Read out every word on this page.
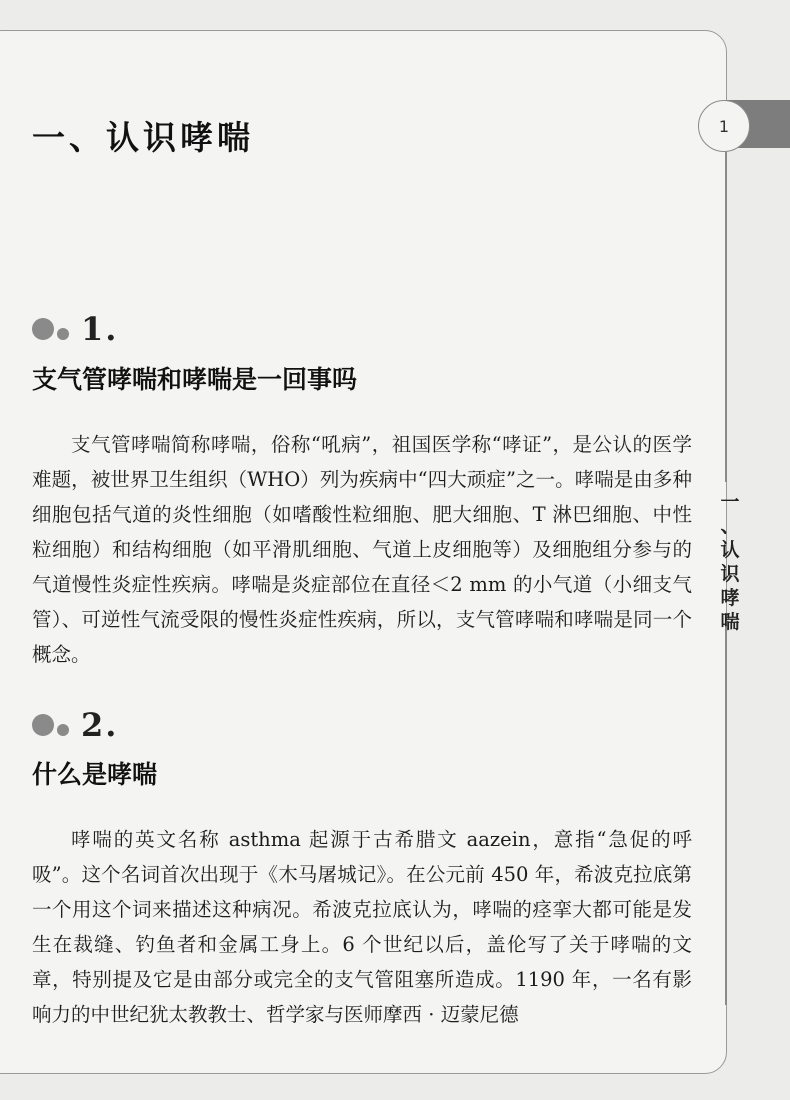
1
一
、
认
识
哮
喘
一、认识哮喘
1.
支气管哮喘和哮喘是一回事吗

支气管哮喘简称哮喘，俗称“吼病”，祖国医学称“哮证”，是公认的医学难题，被世界卫生组织（WHO）列为疾病中“四大顽症”之一。哮喘是由多种细胞包括气道的炎性细胞（如嗜酸性粒细胞、肥大细胞、T 淋巴细胞、中性粒细胞）和结构细胞（如平滑肌细胞、气道上皮细胞等）及细胞组分参与的气道慢性炎症性疾病。哮喘是炎症部位在直径＜2 mm 的小气道（小细支气管）、可逆性气流受限的慢性炎症性疾病，所以，支气管哮喘和哮喘是同一个概念。

2.
什么是哮喘

哮喘的英文名称 asthma 起源于古希腊文 aazein，意指“急促的呼吸”。这个名词首次出现于《木马屠城记》。在公元前 450 年，希波克拉底第一个用这个词来描述这种病况。希波克拉底认为，哮喘的痉挛大都可能是发生在裁缝、钓鱼者和金属工身上。6 个世纪以后，盖伦写了关于哮喘的文章，特别提及它是由部分或完全的支气管阻塞所造成。1190 年，一名有影响力的中世纪犹太教教士、哲学家与医师摩西 · 迈蒙尼德
